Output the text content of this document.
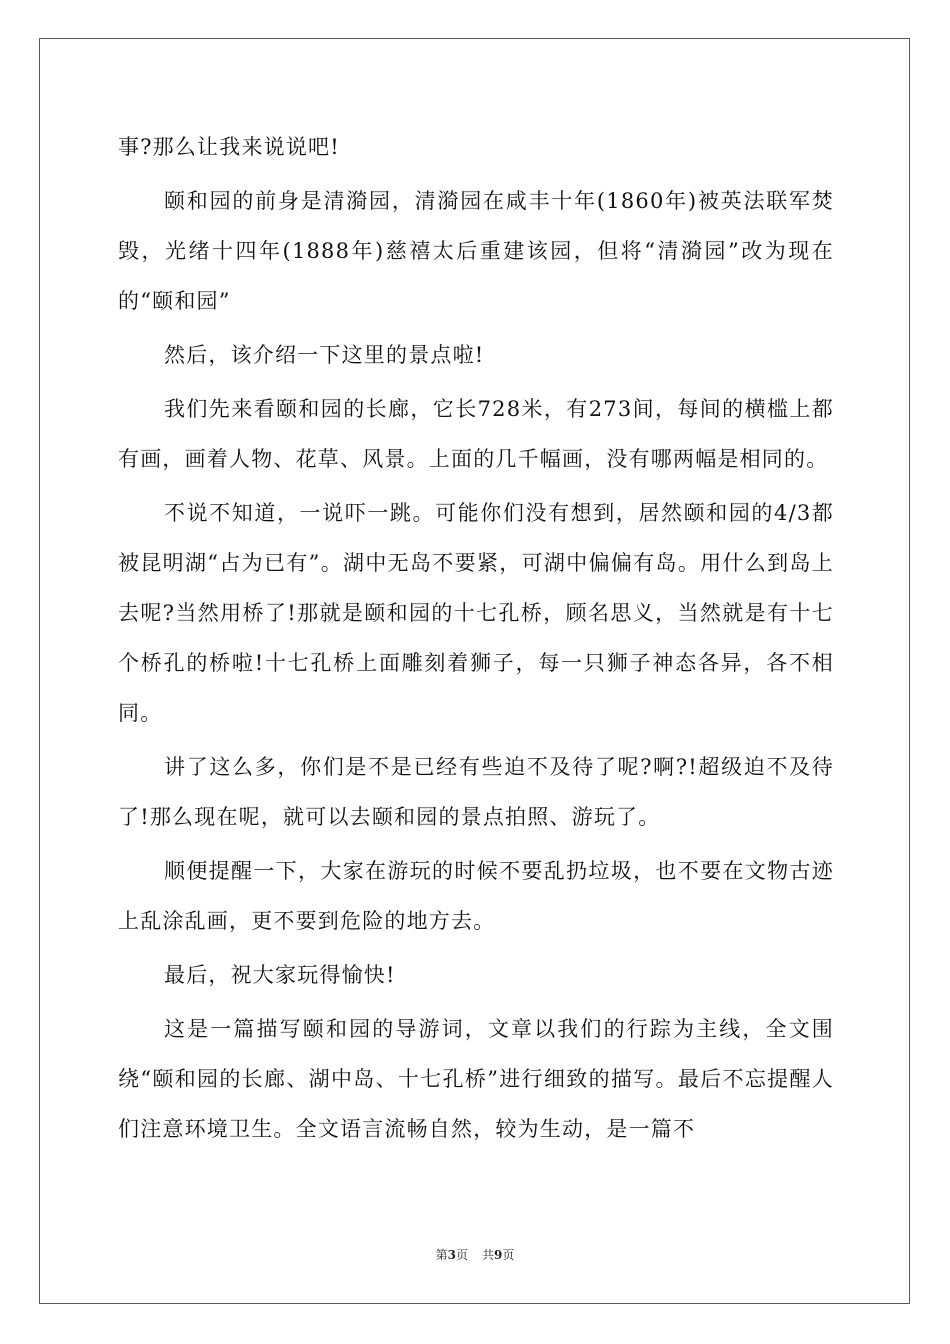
事?那么让我来说说吧!

颐和园的前身是清漪园，清漪园在咸丰十年(1860年)被英法联军焚毁，光绪十四年(1888年)慈禧太后重建该园，但将“清漪园”改为现在的“颐和园”

然后，该介绍一下这里的景点啦!

我们先来看颐和园的长廊，它长728米，有273间，每间的横槛上都有画，画着人物、花草、风景。上面的几千幅画，没有哪两幅是相同的。

不说不知道，一说吓一跳。可能你们没有想到，居然颐和园的4/3都被昆明湖“占为已有”。湖中无岛不要紧，可湖中偏偏有岛。用什么到岛上去呢?当然用桥了!那就是颐和园的十七孔桥，顾名思义，当然就是有十七个桥孔的桥啦!十七孔桥上面雕刻着狮子，每一只狮子神态各异，各不相同。

讲了这么多，你们是不是已经有些迫不及待了呢?啊?!超级迫不及待了!那么现在呢，就可以去颐和园的景点拍照、游玩了。

顺便提醒一下，大家在游玩的时候不要乱扔垃圾，也不要在文物古迹上乱涂乱画，更不要到危险的地方去。

最后，祝大家玩得愉快!

这是一篇描写颐和园的导游词，文章以我们的行踪为主线，全文围绕“颐和园的长廊、湖中岛、十七孔桥”进行细致的描写。最后不忘提醒人们注意环境卫生。全文语言流畅自然，较为生动，是一篇不

第3页 共9页
